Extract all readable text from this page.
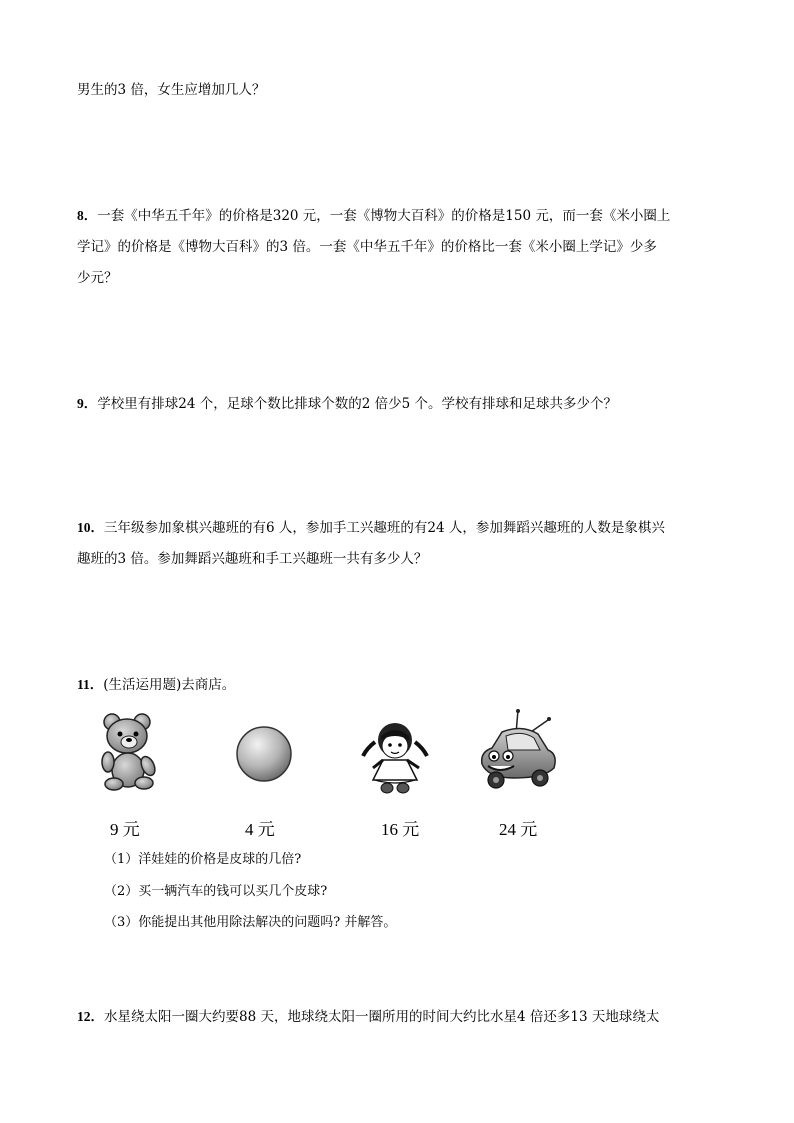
男生的3 倍，女生应增加几人？
8．一套《中华五千年》的价格是320 元，一套《博物大百科》的价格是150 元，而一套《米小圈上
学记》的价格是《博物大百科》的3 倍。一套《中华五千年》的价格比一套《米小圈上学记》少多
少元？
9．学校里有排球24 个，足球个数比排球个数的2 倍少5 个。学校有排球和足球共多少个？
10．三年级参加象棋兴趣班的有6 人，参加手工兴趣班的有24 人，参加舞蹈兴趣班的人数是象棋兴
趣班的3 倍。参加舞蹈兴趣班和手工兴趣班一共有多少人？
11．(生活运用题)去商店。
9 元	4 元	16 元	24 元
（1）洋娃娃的价格是皮球的几倍?
（2）买一辆汽车的钱可以买几个皮球?
（3）你能提出其他用除法解决的问题吗? 并解答。
12．水星绕太阳一圈大约要88 天，地球绕太阳一圈所用的时间大约比水星4 倍还多13 天地球绕太
